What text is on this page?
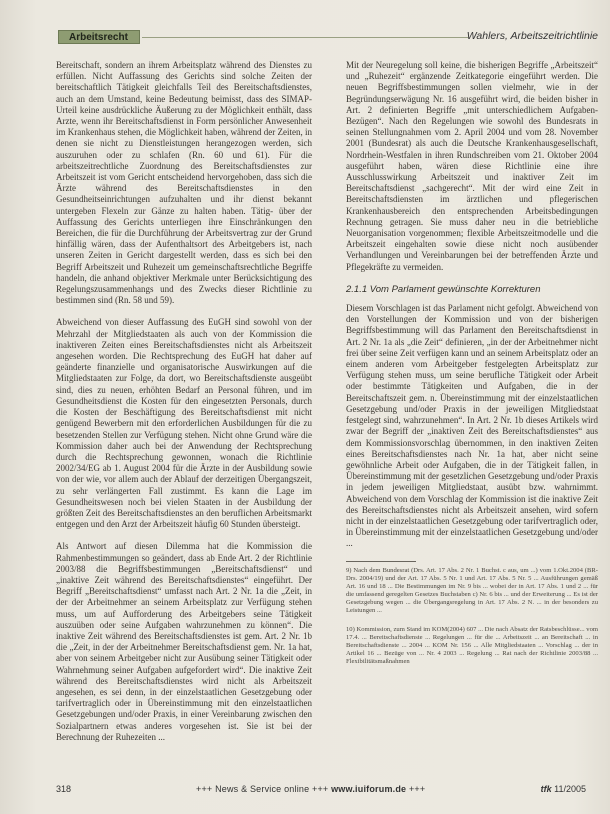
Arbeitsrecht	Wahlers, Arbeitszeitrichtlinie

Bereitschaft, sondern an ihrem Arbeitsplatz während des Dienstes zu erfüllen. Nicht Auffassung des Gerichts sind solche Zeiten der bereitschaftlich Tätigkeit gleichfalls Teil des Bereitschaftsdienstes, auch an dem Umstand, keine Bedeutung beimisst, dass des SIMAP-Urteil keine ausdrückliche Äußerung zu der Möglichkeit enthält, dass Arzte, wenn ihr Bereitschaftsdienst in Form persönlicher Anwesenheit im Krankenhaus stehen, die Möglichkeit haben, während der Zeiten, in denen sie nicht zu Dienstleistungen herangezogen werden, sich auszuruhen oder zu schlafen (Rn. 60 und 61). Für die arbeitszeitrechtliche Zuordnung des Bereitschaftsdienstes zur Arbeitszeit ist vom Gericht entscheidend hervorgehoben, dass sich die Ärzte während des Bereitschaftsdienstes in den Gesundheitseinrichtungen aufzuhalten und ihr dienst bekannt untergeben Flexeln zur Gänze zu halten haben. Tätig- über der Auffassung des Gerichts unterliegen ihre Einschränkungen den Bereichen, die für die Durchführung der Arbeitsvertrag zur der Grund hinfällig wären, dass der Aufenthaltsort des Arbeitgebers ist, nach unseren Zeiten in Gericht dargestellt werden, dass es sich bei den Begriff Arbeitszeit und Ruhezeit um gemeinschaftsrechtliche Begriffe handeln, die anhand objektiver Merkmale unter Berücksichtigung des Regelungszusammenhangs und des Zwecks dieser Richtlinie zu bestimmen sind (Rn. 58 und 59).

Abweichend von dieser Auffassung des EuGH sind sowohl von der Mehrzahl der Mitgliedstaaten als auch von der Kommission die inaktiveren Zeiten eines Bereitschaftsdienstes nicht als Arbeitszeit angesehen worden. Die Rechtsprechung des EuGH hat daher auf geänderte finanzielle und organisatorische Auswirkungen auf die Mitgliedstaaten zur Folge, da dort, wo Bereitschaftsdienste ausgeübt sind, dies zu neuen, erhöhten Bedarf an Personal führen, und im Gesundheitsdienst die Kosten für den eingesetzten Personals, durch die Kosten der Beschäftigung des Bereitschaftsdienst mit nicht genügend Bewerbern mit den erforderlichen Ausbildungen für die zu besetzenden Stellen zur Verfügung stehen. Nicht ohne Grund wäre die Kommission daher auch bei der Anwendung der Rechtsprechung durch die Rechtsprechung gewonnen, wonach die Richtlinie 2002/34/EG ab 1. August 2004 für die Ärzte in der Ausbildung sowie von der wie, vor allem auch der Ablauf der derzeitigen Übergangszeit, zu sehr verlängerten Fall zustimmt. Es kann die Lage im Gesundheitswesen noch bei vielen Staaten in der Ausbildung der größten Zeit des Bereitschaftsdienstes an den beruflichen Arbeitsmarkt entgegen und den Arzt der Arbeitszeit häufig 60 Stunden übersteigt.

Als Antwort auf diesen Dilemma hat die Kommission die Rahmenbestimmungen so geändert, dass ab Ende Art. 2 der Richtlinie 2003/88 die Begriffsbestimmungen „Bereitschaftsdienst“ und „inaktive Zeit während des Bereitschaftsdienstes“ eingeführt. Der Begriff „Bereitschaftsdienst“ umfasst nach Art. 2 Nr. 1a die „Zeit, in der der Arbeitnehmer an seinem Arbeitsplatz zur Verfügung stehen muss, um auf Aufforderung des Arbeitgebers seine Tätigkeit auszuüben oder seine Aufgaben wahrzunehmen zu können“. Die inaktive Zeit während des Bereitschaftsdienstes ist gem. Art. 2 Nr. 1b die „Zeit, in der der Arbeitnehmer Bereitschaftsdienst gem. Nr. 1a hat, aber von seinem Arbeitgeber nicht zur Ausübung seiner Tätigkeit oder Wahrnehmung seiner Aufgaben aufgefordert wird“. Die inaktive Zeit während des Bereitschaftsdienstes wird nicht als Arbeitszeit angesehen, es sei denn, in der einzelstaatlichen Gesetzgebung oder tarifvertraglich oder in Übereinstimmung mit den einzelstaatlichen Gesetzgebungen und/oder Praxis, in einer Vereinbarung zwischen den Sozialpartnern etwas anderes vorgesehen ist. Sie ist bei der Berechnung der Ruhezeiten ...

Mit der Neuregelung soll keine, die bisherigen Begriffe „Arbeitszeit“ und „Ruhezeit“ ergänzende Zeitkategorie eingeführt werden. Die neuen Begriffsbestimmungen sollen vielmehr, wie in der Begründungserwägung Nr. 16 ausgeführt wird, die beiden bisher in Art. 2 definierten Begriffe „mit unterschiedlichem Aufgaben-Bezügen“. Nach den Regelungen wie sowohl des Bundesrats in seinen Stellungnahmen vom 2. April 2004 und vom 28. November 2001 (Bundesrat) als auch die Deutsche Krankenhausgesellschaft, Nordrhein-Westfalen in ihren Rundschreiben vom 21. Oktober 2004 ausgeführt haben, wären diese Richtlinie eine ihre Ausschlusswirkung Arbeitszeit und inaktiver Zeit im Bereitschaftsdienst „sachgerecht“. Mit der wird eine Zeit in Bereitschaftsdiensten im ärztlichen und pflegerischen Krankenhausbereich den entsprechenden Arbeitsbedingungen Rechnung getragen. Sie muss daher neu in die betriebliche Neuorganisation vorgenommen; flexible Arbeitszeitmodelle und die Arbeitszeit eingehalten sowie diese nicht noch ausübender Verhandlungen und Vereinbarungen bei der betreffenden Ärzte und Pflegekräfte zu vermeiden.

2.1.1 Vom Parlament gewünschte Korrekturen

Diesem Vorschlagen ist das Parlament nicht gefolgt. Abweichend von den Vorstellungen der Kommission und von der bisherigen Begriffsbestimmung will das Parlament den Bereitschaftsdienst in Art. 2 Nr. 1a als „die Zeit“ definieren, „in der der Arbeitnehmer nicht frei über seine Zeit verfügen kann und an seinem Arbeitsplatz oder an einem anderen vom Arbeitgeber festgelegten Arbeitsplatz zur Verfügung stehen muss, um seine berufliche Tätigkeit oder Arbeit oder bestimmte Tätigkeiten und Aufgaben, die in der Bereitschaftszeit gem. n. Übereinstimmung mit der einzelstaatlichen Gesetzgebung und/oder Praxis in der jeweiligen Mitgliedstaat festgelegt sind, wahrzunehmen“. In Art. 2 Nr. 1b dieses Artikels wird zwar der Begriff der „inaktiven Zeit des Bereitschaftsdienstes“ aus dem Kommissionsvorschlag übernommen, in den inaktiven Zeiten eines Bereitschaftsdienstes nach Nr. 1a hat, aber nicht seine gewöhnliche Arbeit oder Aufgaben, die in der Tätigkeit fallen, in Übereinstimmung mit der gesetzlichen Gesetzgebung und/oder Praxis in jedem jeweiligen Mitgliedstaat, ausübt bzw. wahrnimmt. Abweichend von dem Vorschlag der Kommission ist die inaktive Zeit des Bereitschaftsdienstes nicht als Arbeitszeit ansehen, wird sofern nicht in der einzelstaatlichen Gesetzgebung oder tarifvertraglich oder, in Übereinstimmung mit der einzelstaatlichen Gesetzgebung und/oder ...

9) Nach dem Bundesrat (Drs. Art. 17 Abs. 2 Nr. 1 Buchst. c aus, um ...) vom 1.Okt.2004 (BR-Drs. 2004/19) und der Art. 17 Abs. 5 Nr. 1 und Art. 17 Abs. 5 Nr. 5 ... Ausführungen gemäß Art. 16 und 18 ... Die Bestimmungen im Nr. 9 bis ... wobei der in Art. 17 Abs. 1 und 2 ... für die umfassend geregelten Gesetzes Buchstaben c) Nr. 6 bis ... und der Erweiterung ... Es ist der Gesetzgebung wegen ... die Übergangsregelung in Art. 17 Abs. 2 N. ... in der besonders zu Leistungen ...

10) Kommission, zum Stand im KOM(2004) 607 ... Die nach Absatz der Ratsbeschlüsse... vom 17.4. ... Bereitschaftsdienste ... Regelungen ... für die ... Arbeitszeit ... an Bereitschaft ... in Bereitschaftsdienste ... 2004 ... KOM Nr. 156 ... Alle Mitgliedstaaten ... Vorschlag ... der in Artikel 16 ... Bezüge von ... Nr. 4 2003 ... Regelung ... Rat nach der Richtlinie 2003/88 ... Flexibilitätsmaßnahmen

318	+++ News & Service online +++ www.iuiforum.de +++	tfk 11/2005
